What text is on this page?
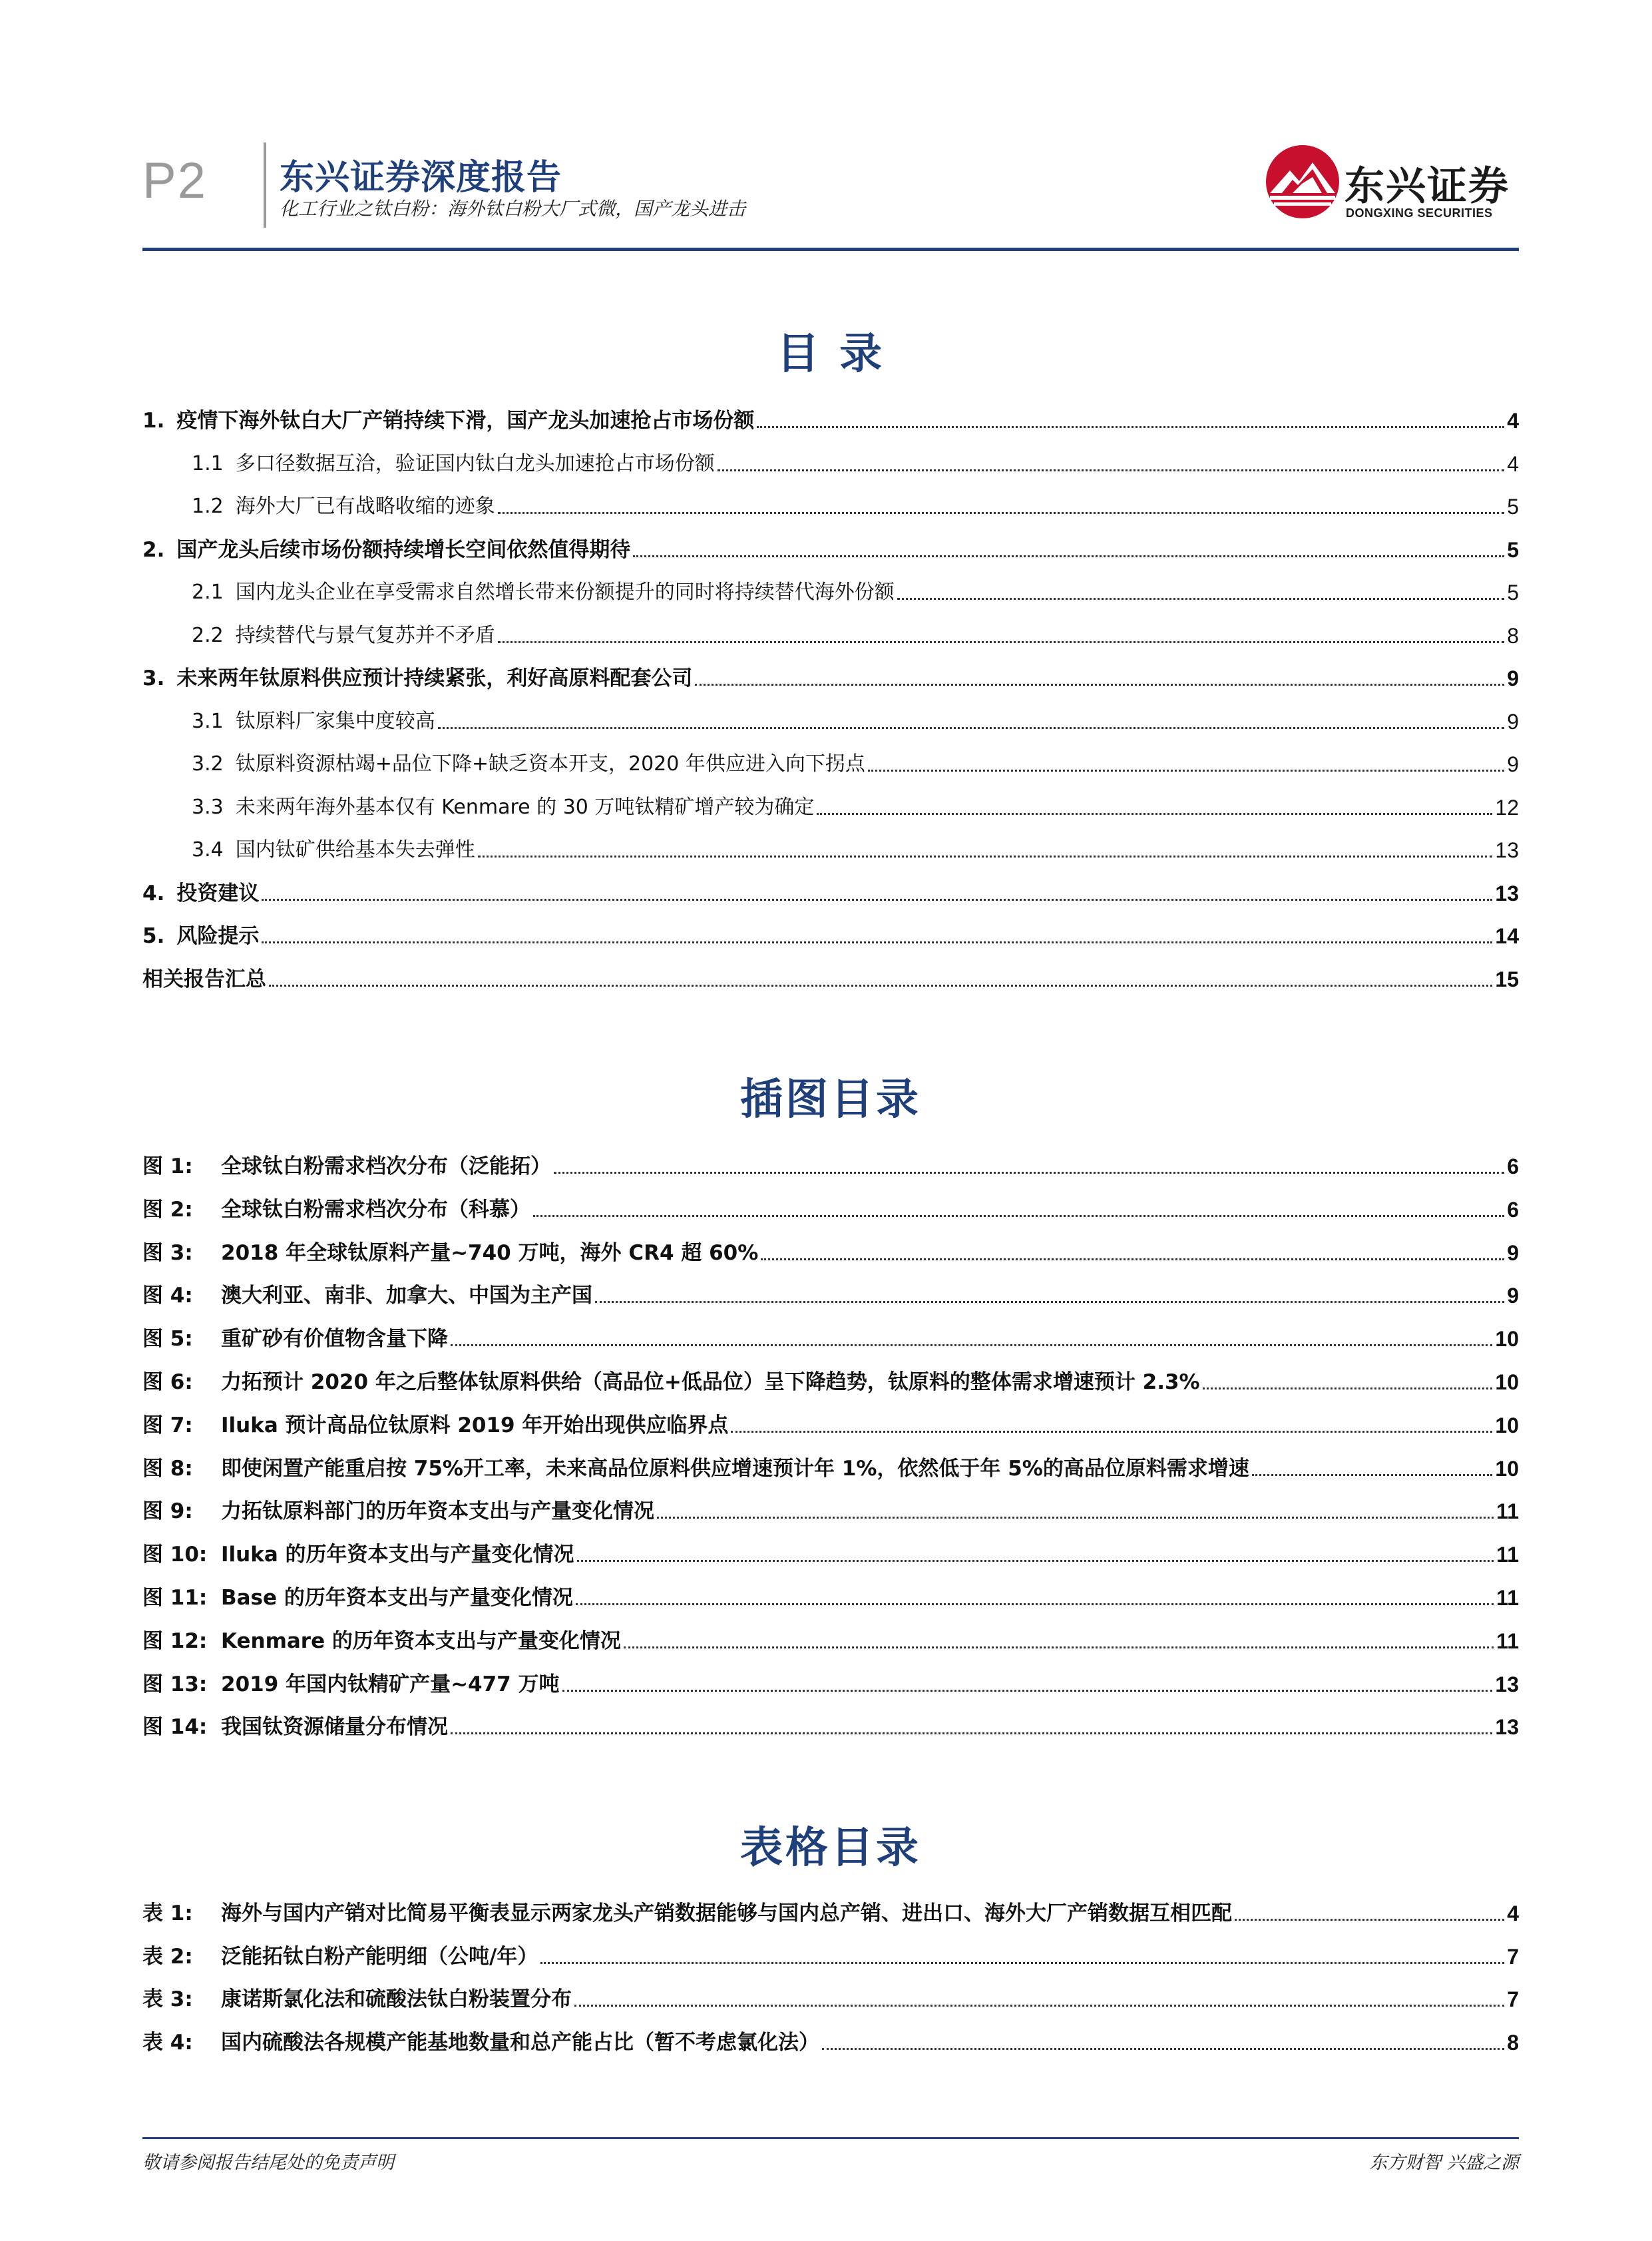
P2 东兴证券深度报告
化工行业之钛白粉：海外钛白粉大厂式微，国产龙头进击	东兴证券
DONGXING SECURITIES
目 录
1. 疫情下海外钛白大厂产销持续下滑，国产龙头加速抢占市场份额	4
1.1 多口径数据互洽，验证国内钛白龙头加速抢占市场份额	4
1.2 海外大厂已有战略收缩的迹象	5
2. 国产龙头后续市场份额持续增长空间依然值得期待	5
2.1 国内龙头企业在享受需求自然增长带来份额提升的同时将持续替代海外份额	5
2.2 持续替代与景气复苏并不矛盾	8
3. 未来两年钛原料供应预计持续紧张，利好高原料配套公司	9
3.1 钛原料厂家集中度较高	9
3.2 钛原料资源枯竭+品位下降+缺乏资本开支，2020 年供应进入向下拐点	9
3.3 未来两年海外基本仅有 Kenmare 的 30 万吨钛精矿增产较为确定	12
3.4 国内钛矿供给基本失去弹性	13
4. 投资建议	13
5. 风险提示	14
相关报告汇总	15
插图目录
图 1: 全球钛白粉需求档次分布（泛能拓）	6
图 2: 全球钛白粉需求档次分布（科慕）	6
图 3: 2018 年全球钛原料产量~740 万吨，海外 CR4 超 60%	9
图 4: 澳大利亚、南非、加拿大、中国为主产国	9
图 5: 重矿砂有价值物含量下降	10
图 6: 力拓预计 2020 年之后整体钛原料供给（高品位+低品位）呈下降趋势，钛原料的整体需求增速预计 2.3%	10
图 7: Iluka 预计高品位钛原料 2019 年开始出现供应临界点	10
图 8: 即使闲置产能重启按 75%开工率，未来高品位原料供应增速预计年 1%，依然低于年 5%的高品位原料需求增速	10
图 9: 力拓钛原料部门的历年资本支出与产量变化情况	11
图 10: Iluka 的历年资本支出与产量变化情况	11
图 11: Base 的历年资本支出与产量变化情况	11
图 12: Kenmare 的历年资本支出与产量变化情况	11
图 13: 2019 年国内钛精矿产量~477 万吨	13
图 14: 我国钛资源储量分布情况	13
表格目录
表 1: 海外与国内产销对比简易平衡表显示两家龙头产销数据能够与国内总产销、进出口、海外大厂产销数据互相匹配	4
表 2: 泛能拓钛白粉产能明细（公吨/年）	7
表 3: 康诺斯氯化法和硫酸法钛白粉装置分布	7
表 4: 国内硫酸法各规模产能基地数量和总产能占比（暂不考虑氯化法）	8
敬请参阅报告结尾处的免责声明	东方财智 兴盛之源
